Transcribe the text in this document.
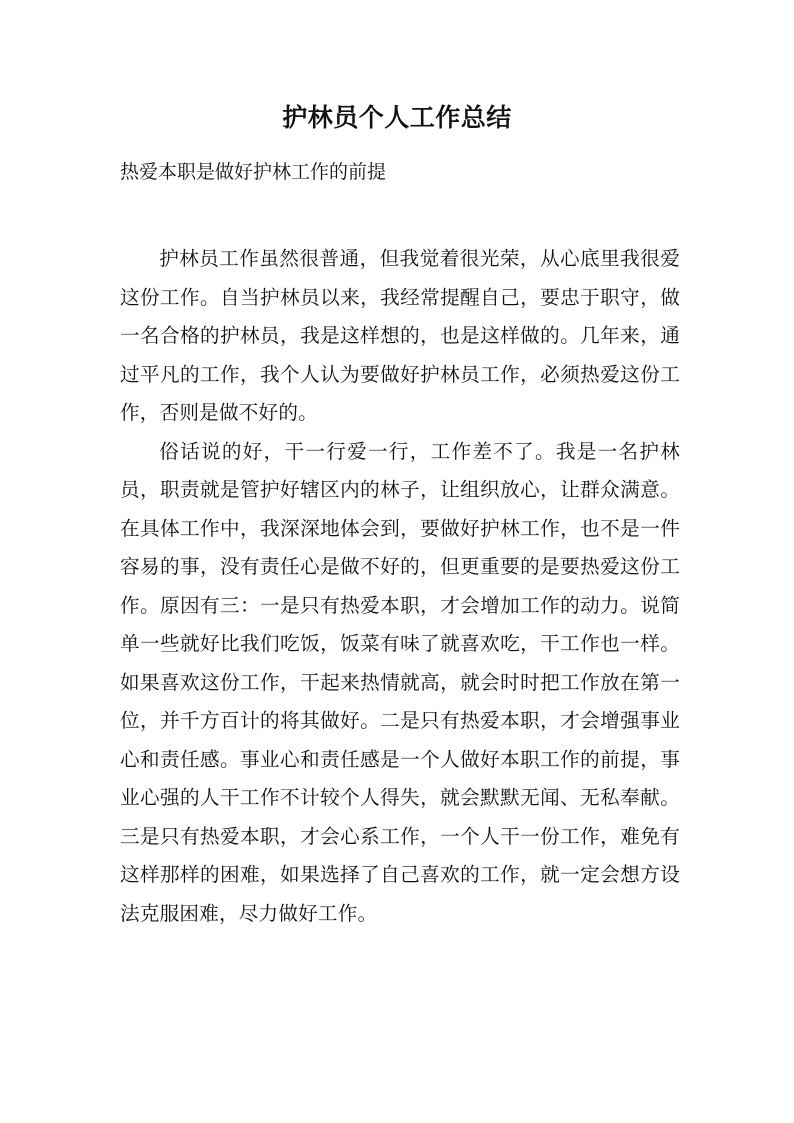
护林员个人工作总结

热爱本职是做好护林工作的前提

护林员工作虽然很普通，但我觉着很光荣，从心底里我很爱这份工作。自当护林员以来，我经常提醒自己，要忠于职守，做一名合格的护林员，我是这样想的，也是这样做的。几年来，通过平凡的工作，我个人认为要做好护林员工作，必须热爱这份工作，否则是做不好的。

俗话说的好，干一行爱一行，工作差不了。我是一名护林员，职责就是管护好辖区内的林子，让组织放心，让群众满意。在具体工作中，我深深地体会到，要做好护林工作，也不是一件容易的事，没有责任心是做不好的，但更重要的是要热爱这份工作。原因有三：一是只有热爱本职，才会增加工作的动力。说简单一些就好比我们吃饭，饭菜有味了就喜欢吃，干工作也一样。如果喜欢这份工作，干起来热情就高，就会时时把工作放在第一位，并千方百计的将其做好。二是只有热爱本职，才会增强事业心和责任感。事业心和责任感是一个人做好本职工作的前提，事业心强的人干工作不计较个人得失，就会默默无闻、无私奉献。三是只有热爱本职，才会心系工作，一个人干一份工作，难免有这样那样的困难，如果选择了自己喜欢的工作，就一定会想方设法克服困难，尽力做好工作。
